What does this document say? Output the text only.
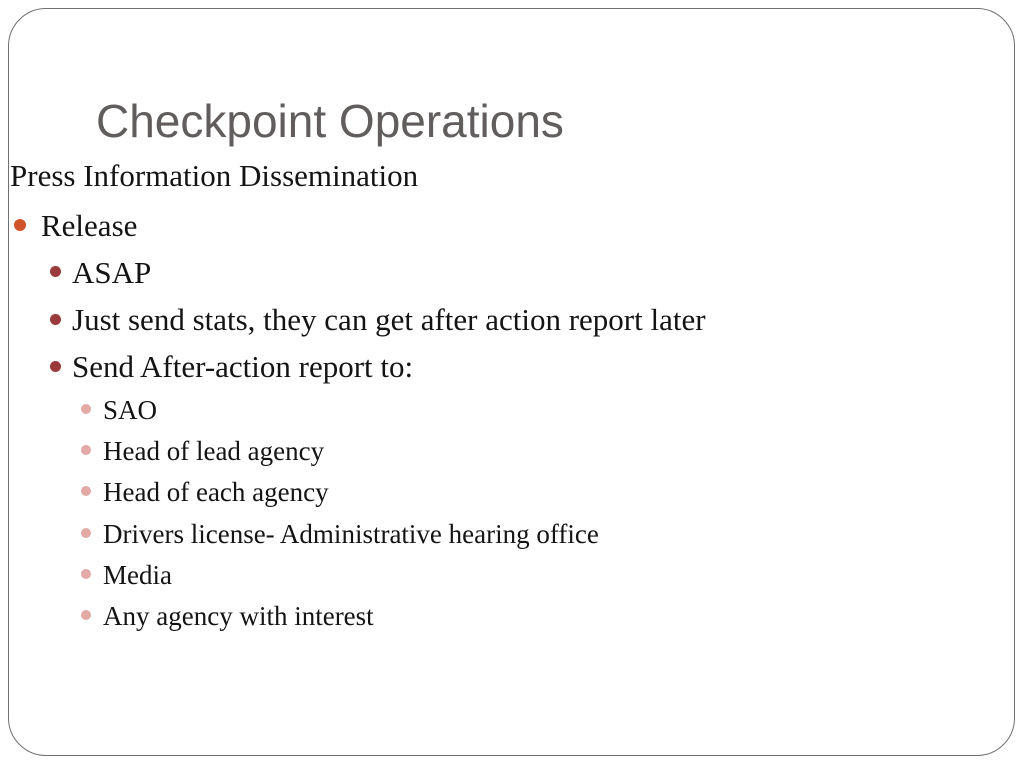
Checkpoint Operations
Press Information Dissemination
Release
ASAP
Just send stats, they can get after action report later
Send After-action report to:
SAO
Head of lead agency
Head of each agency
Drivers license- Administrative hearing office
Media
Any agency with interest
